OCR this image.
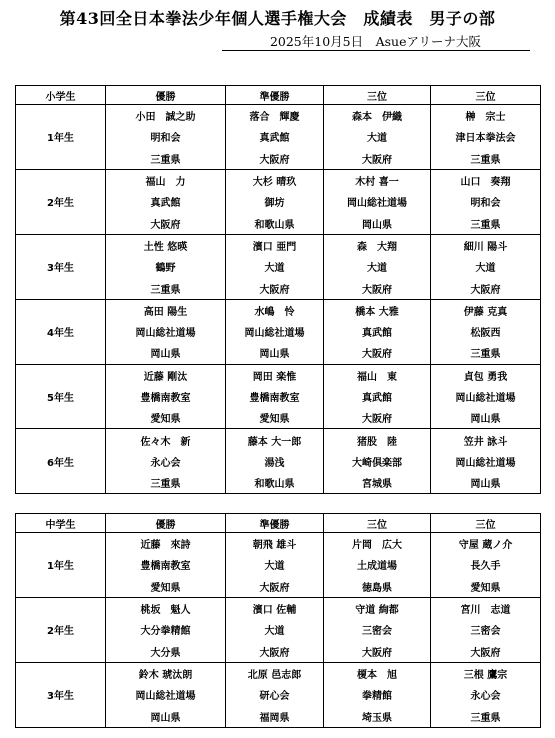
第43回全日本拳法少年個人選手権大会　成績表　男子の部
2025年10月5日　Asueアリーナ大阪
小学生	優勝	準優勝	三位	三位
1年生	小田　誠之助	落合　輝慶	森本　伊織	榊　宗士
	明和会	真武館	大道	津日本拳法会
	三重県	大阪府	大阪府	三重県
2年生	福山　力	大杉 晴玖	木村 喜一	山口　奏翔
	真武館	御坊	岡山総社道場	明和会
	大阪府	和歌山県	岡山県	三重県
3年生	土性 悠暎	濱口 亜門	森　大翔	細川 陽斗
	鶴野	大道	大道	大道
	三重県	大阪府	大阪府	大阪府
4年生	高田 陽生	水嶋　怜	橋本 大雅	伊藤 克真
	岡山総社道場	岡山総社道場	真武館	松阪西
	岡山県	岡山県	大阪府	三重県
5年生	近藤 剛汰	岡田 楽惟	福山　東	貞包 勇我
	豊橋南教室	豊橋南教室	真武館	岡山総社道場
	愛知県	愛知県	大阪府	岡山県
6年生	佐々木　新	藤本 大一郎	猪股　陸	笠井 詠斗
	永心会	湯浅	大崎倶楽部	岡山総社道場
	三重県	和歌山県	宮城県	岡山県
中学生	優勝	準優勝	三位	三位
1年生	近藤　來詩	朝飛 雄斗	片岡　広大	守屋 蔵ノ介
	豊橋南教室	大道	土成道場	長久手
	愛知県	大阪府	徳島県	愛知県
2年生	桃坂　魁人	濱口 佐輔	守道 絢都	宮川　志道
	大分拳精館	大道	三密会	三密会
	大分県	大阪府	大阪府	大阪府
3年生	鈴木 琥汰朗	北原 邑志郎	榎本　旭	三根 鷹宗
	岡山総社道場	研心会	拳精館	永心会
	岡山県	福岡県	埼玉県	三重県
